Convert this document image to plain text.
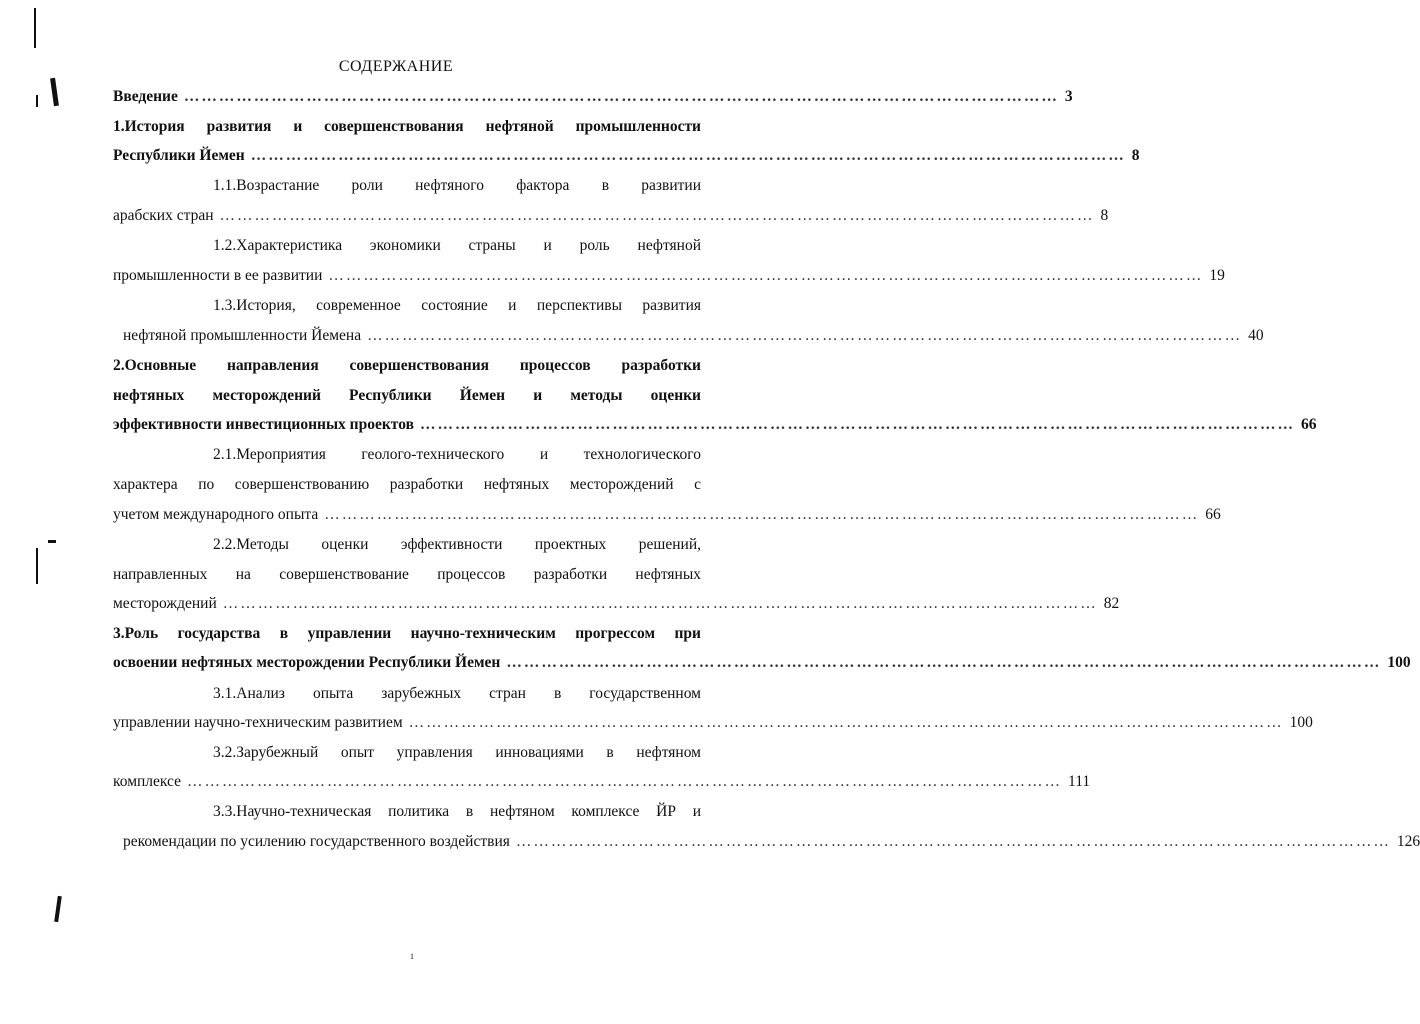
СОДЕРЖАНИЕ
Введение …………………………………………………………………………………………………………………………………… 3
1.История развития и совершенствования нефтяной промышленности
Республики Йемен …………………………………………………………………………………………………………………………………… 8
1.1.Возрастание роли нефтяного фактора в развитии
арабских стран …………………………………………………………………………………………………………………………………… 8
1.2.Характеристика экономики страны и роль нефтяной
промышленности в ее развитии …………………………………………………………………………………………………………………………………… 19
1.3.История, современное состояние и перспективы развития
нефтяной промышленности Йемена …………………………………………………………………………………………………………………………………… 40
2.Основные направления совершенствования процессов разработки
нефтяных месторождений Республики Йемен и методы оценки
эффективности инвестиционных проектов …………………………………………………………………………………………………………………………………… 66
2.1.Мероприятия геолого-технического и технологического
характера по совершенствованию разработки нефтяных месторождений с
учетом международного опыта …………………………………………………………………………………………………………………………………… 66
2.2.Методы оценки эффективности проектных решений,
направленных на совершенствование процессов разработки нефтяных
месторождений …………………………………………………………………………………………………………………………………… 82
3.Роль государства в управлении научно-техническим прогрессом при
освоении нефтяных месторождении Республики Йемен …………………………………………………………………………………………………………………………………… 100
3.1.Анализ опыта зарубежных стран в государственном
управлении научно-техническим развитием …………………………………………………………………………………………………………………………………… 100
3.2.Зарубежный опыт управления инновациями в нефтяном
комплексе …………………………………………………………………………………………………………………………………… 111
3.3.Научно-техническая политика в нефтяном комплексе ЙР и
рекомендации по усилению государственного воздействия …………………………………………………………………………………………………………………………………… 126
1
